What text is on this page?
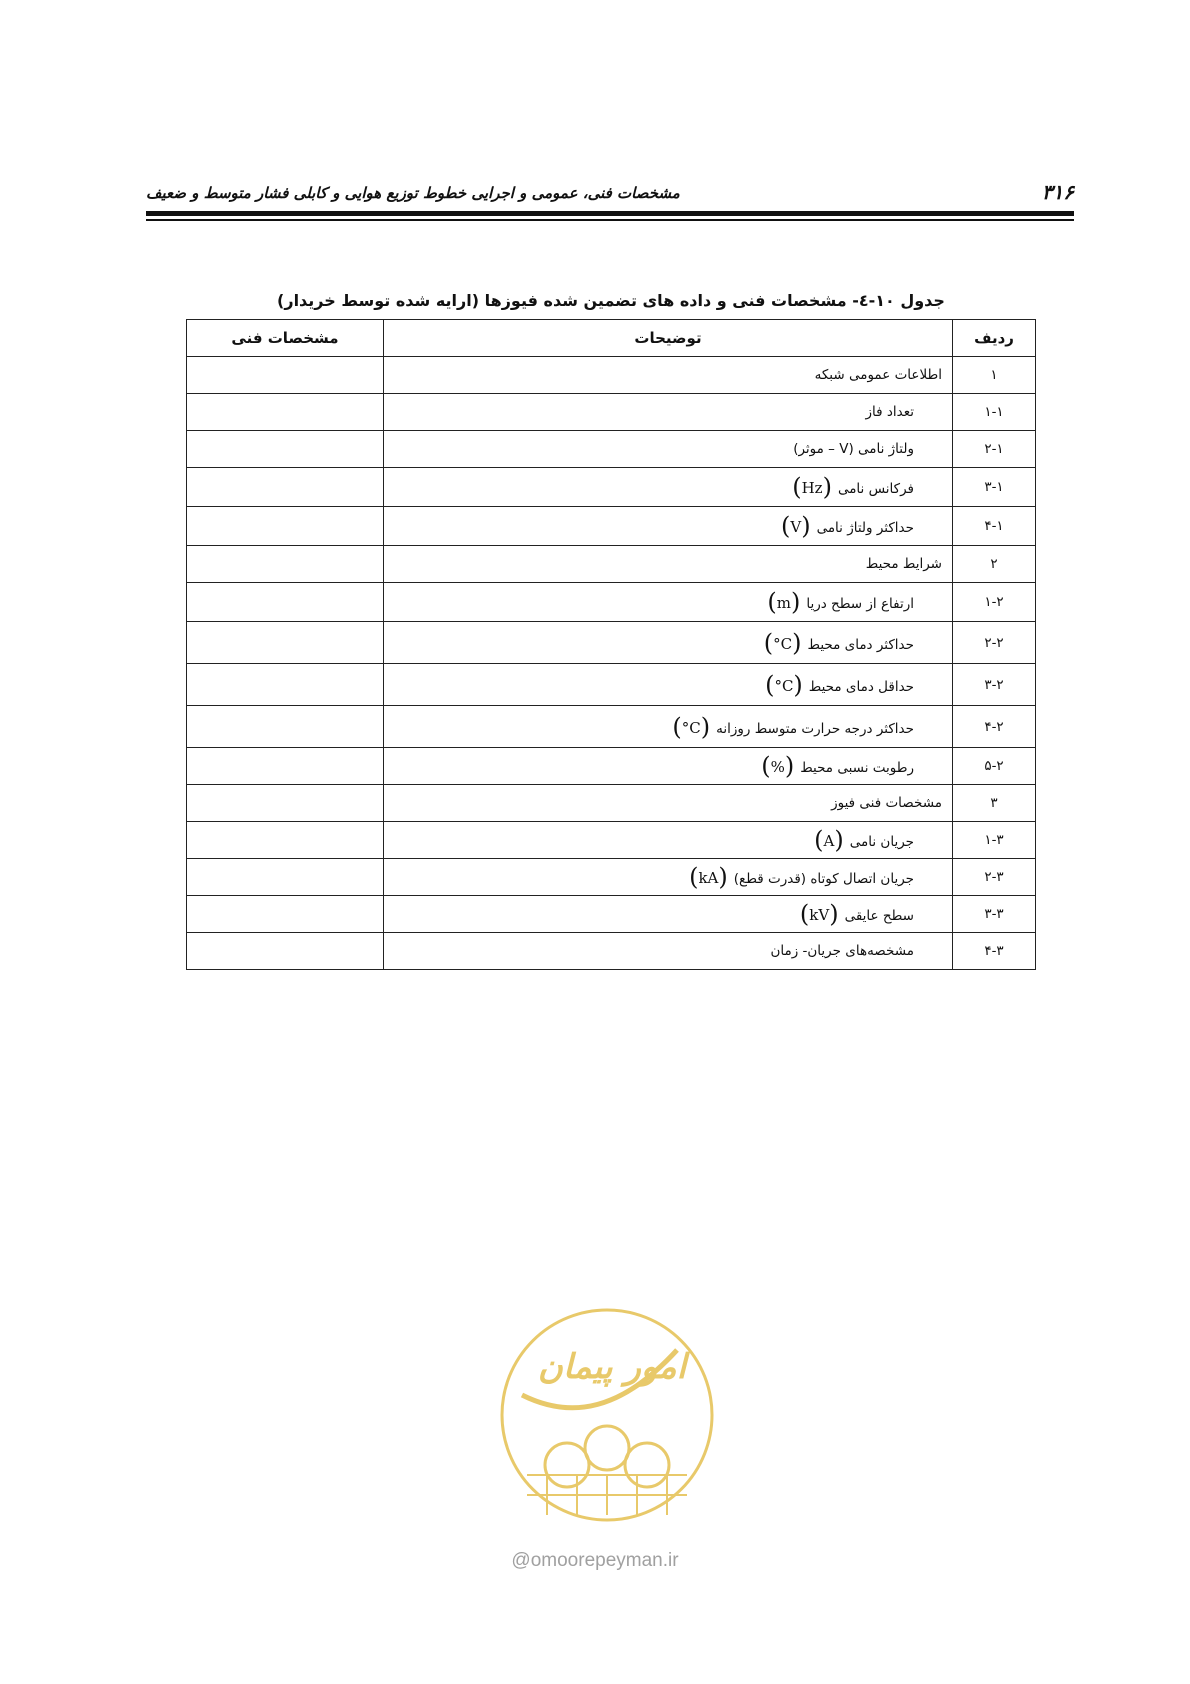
۳۱۶
مشخصات فنی، عمومی و اجرایی خطوط توزیع هوایی و کابلی فشار متوسط و ضعیف
جدول ۱۰-٤- مشخصات فنی و داده های تضمین شده فیوزها (ارایه شده توسط خریدار)
ردیف	توضیحات	مشخصات فنی
۱	اطلاعات عمومی شبکه	
۱-۱	تعداد فاز	
۲-۱	ولتاژ نامی (V – موثر)	
۳-۱	فرکانس نامی(Hz)	
۴-۱	حداکثر ولتاژ نامی(V)	
۲	شرایط محیط	
۱-۲	ارتفاع از سطح دریا(m)	
۲-۲	حداکثر دمای محیط(°C)	
۳-۲	حداقل دمای محیط(°C)	
۴-۲	حداکثر درجه حرارت متوسط روزانه(°C)	
۵-۲	رطوبت نسبی محیط(%)	
۳	مشخصات فنی فیوز	
۱-۳	جریان نامی(A)	
۲-۳	جریان اتصال کوتاه (قدرت قطع)(kA)	
۳-۳	سطح عایقی(kV)	
۴-۳	مشخصه‌های جریان- زمان	
امور پیمان
@omoorepeyman.ir
